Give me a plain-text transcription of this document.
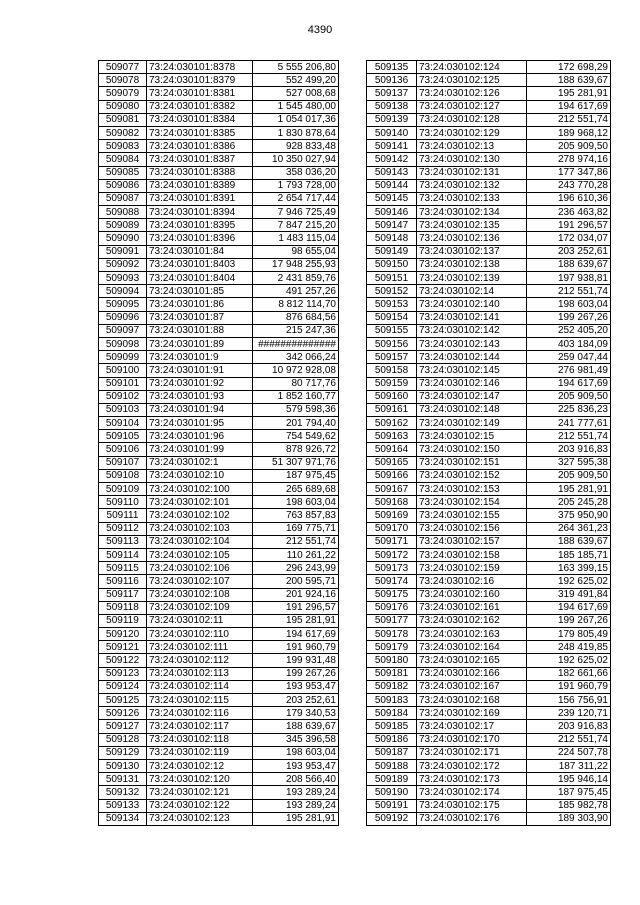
4390
509077	73:24:030101:8378	5 555 206,80
509078	73:24:030101:8379	552 499,20
509079	73:24:030101:8381	527 008,68
509080	73:24:030101:8382	1 545 480,00
509081	73:24:030101:8384	1 054 017,36
509082	73:24:030101:8385	1 830 878,64
509083	73:24:030101:8386	928 833,48
509084	73:24:030101:8387	10 350 027,94
509085	73:24:030101:8388	358 036,20
509086	73:24:030101:8389	1 793 728,00
509087	73:24:030101:8391	2 654 717,44
509088	73:24:030101:8394	7 946 725,49
509089	73:24:030101:8395	7 847 215,20
509090	73:24:030101:8396	1 483 115,04
509091	73:24:030101:84	98 655,04
509092	73:24:030101:8403	17 948 255,93
509093	73:24:030101:8404	2 431 859,76
509094	73:24:030101:85	491 257,26
509095	73:24:030101:86	8 812 114,70
509096	73:24:030101:87	876 684,56
509097	73:24:030101:88	215 247,36
509098	73:24:030101:89	##############
509099	73:24:030101:9	342 066,24
509100	73:24:030101:91	10 972 928,08
509101	73:24:030101:92	80 717,76
509102	73:24:030101:93	1 852 160,77
509103	73:24:030101:94	579 598,36
509104	73:24:030101:95	201 794,40
509105	73:24:030101:96	754 549,62
509106	73:24:030101:99	878 926,72
509107	73:24:030102:1	51 307 971,76
509108	73:24:030102:10	187 975,45
509109	73:24:030102:100	265 689,68
509110	73:24:030102:101	198 603,04
509111	73:24:030102:102	763 857,83
509112	73:24:030102:103	169 775,71
509113	73:24:030102:104	212 551,74
509114	73:24:030102:105	110 261,22
509115	73:24:030102:106	296 243,99
509116	73:24:030102:107	200 595,71
509117	73:24:030102:108	201 924,16
509118	73:24:030102:109	191 296,57
509119	73:24:030102:11	195 281,91
509120	73:24:030102:110	194 617,69
509121	73:24:030102:111	191 960,79
509122	73:24:030102:112	199 931,48
509123	73:24:030102:113	199 267,26
509124	73:24:030102:114	193 953,47
509125	73:24:030102:115	203 252,61
509126	73:24:030102:116	179 340,53
509127	73:24:030102:117	188 639,67
509128	73:24:030102:118	345 396,58
509129	73:24:030102:119	198 603,04
509130	73:24:030102:12	193 953,47
509131	73:24:030102:120	208 566,40
509132	73:24:030102:121	193 289,24
509133	73:24:030102:122	193 289,24
509134	73:24:030102:123	195 281,91
509135	73:24:030102:124	172 698,29
509136	73:24:030102:125	188 639,67
509137	73:24:030102:126	195 281,91
509138	73:24:030102:127	194 617,69
509139	73:24:030102:128	212 551,74
509140	73:24:030102:129	189 968,12
509141	73:24:030102:13	205 909,50
509142	73:24:030102:130	278 974,16
509143	73:24:030102:131	177 347,86
509144	73:24:030102:132	243 770,28
509145	73:24:030102:133	196 610,36
509146	73:24:030102:134	236 463,82
509147	73:24:030102:135	191 296,57
509148	73:24:030102:136	172 034,07
509149	73:24:030102:137	203 252,61
509150	73:24:030102:138	188 639,67
509151	73:24:030102:139	197 938,81
509152	73:24:030102:14	212 551,74
509153	73:24:030102:140	198 603,04
509154	73:24:030102:141	199 267,26
509155	73:24:030102:142	252 405,20
509156	73:24:030102:143	403 184,09
509157	73:24:030102:144	259 047,44
509158	73:24:030102:145	276 981,49
509159	73:24:030102:146	194 617,69
509160	73:24:030102:147	205 909,50
509161	73:24:030102:148	225 836,23
509162	73:24:030102:149	241 777,61
509163	73:24:030102:15	212 551,74
509164	73:24:030102:150	203 916,83
509165	73:24:030102:151	327 595,38
509166	73:24:030102:152	205 909,50
509167	73:24:030102:153	195 281,91
509168	73:24:030102:154	205 245,28
509169	73:24:030102:155	375 950,90
509170	73:24:030102:156	264 361,23
509171	73:24:030102:157	188 639,67
509172	73:24:030102:158	185 185,71
509173	73:24:030102:159	163 399,15
509174	73:24:030102:16	192 625,02
509175	73:24:030102:160	319 491,84
509176	73:24:030102:161	194 617,69
509177	73:24:030102:162	199 267,26
509178	73:24:030102:163	179 805,49
509179	73:24:030102:164	248 419,85
509180	73:24:030102:165	192 625,02
509181	73:24:030102:166	182 661,66
509182	73:24:030102:167	191 960,79
509183	73:24:030102:168	156 756,91
509184	73:24:030102:169	239 120,71
509185	73:24:030102:17	203 916,83
509186	73:24:030102:170	212 551,74
509187	73:24:030102:171	224 507,78
509188	73:24:030102:172	187 311,22
509189	73:24:030102:173	195 946,14
509190	73:24:030102:174	187 975,45
509191	73:24:030102:175	185 982,78
509192	73:24:030102:176	189 303,90
